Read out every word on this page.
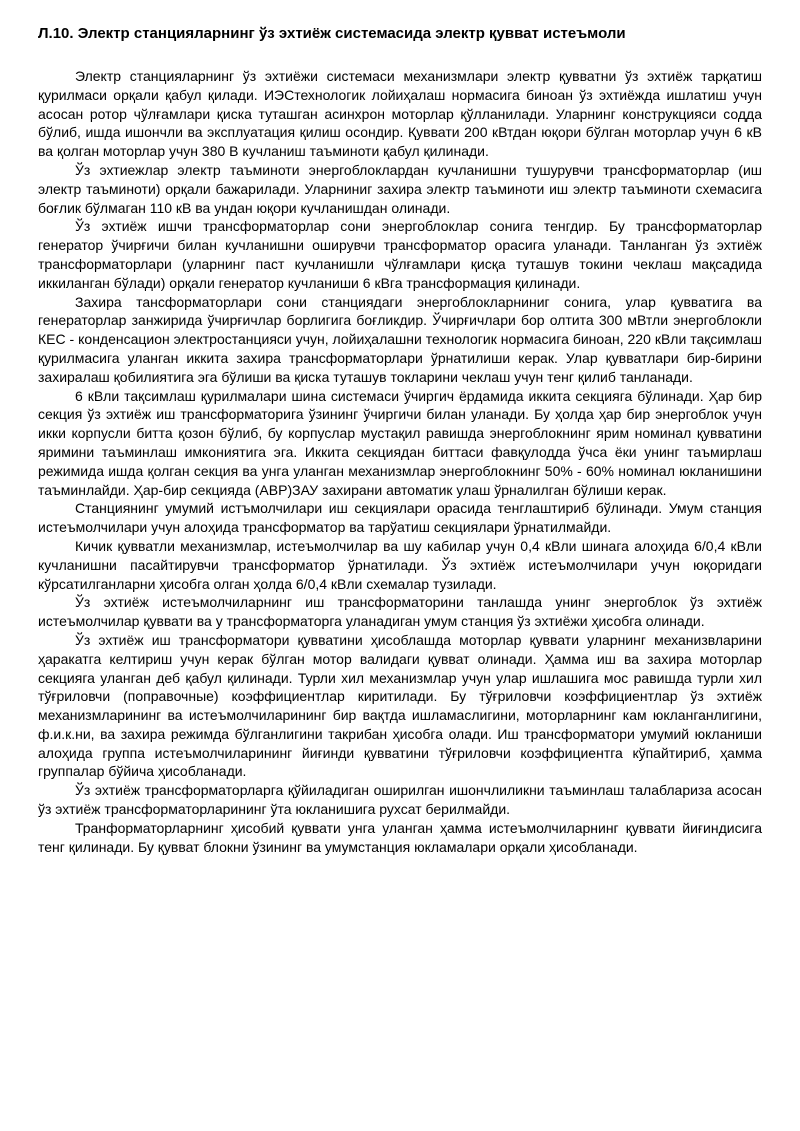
Л.10. Электр станцияларнинг ўз эхтиёж системасида электр қувват истеъмоли

Электр станцияларнинг ўз эхтиёжи системаси механизмлари электр қувватни ўз эхтиёж тарқатиш қурилмаси орқали қабул қилади. ИЭСтехнологик лойиҳалаш нормасига биноан ўз эхтиёжда ишлатиш учун асосан ротор чўлғамлари қиска туташган асинхрон моторлар қўлланилади. Уларнинг конструкцияси содда бўлиб, ишда ишончли ва эксплуатация қилиш осондир. Қуввати 200 кВтдан юқори бўлган моторлар учун 6 кВ ва қолган моторлар учун 380 В кучланиш таъминоти қабул қилинади.

Ўз эхтиежлар электр таъминоти энергоблоклардан кучланишни тушурувчи трансформаторлар (иш электр таъминоти) орқали бажарилади. Уларниниг захира электр таъминоти иш электр таъминоти схемасига боғлик бўлмаган 110 кВ ва ундан юқори кучланишдан олинади.

Ўз эхтиёж ишчи трансформаторлар сони энергоблоклар сонига тенгдир. Бу трансформаторлар генератор ўчирғичи билан кучланишни оширувчи трансформатор орасига уланади. Танланган ўз эхтиёж трансформаторлари (уларнинг паст кучланишли чўлғамлари қисқа туташув токини чеклаш мақсадида иккиланган бўлади) орқали генератор кучланиши 6 кВга трансформация қилинади.

Захира тансформаторлари сони станциядаги энергоблокларниниг сонига, улар қувватига ва генераторлар занжирида ўчирғичлар борлигига боғликдир. Ўчирғичлари бор олтита 300 мВтли энергоблокли КЕС - конденсацион электростанцияси учун, лойиҳалашни технологик нормасига биноан, 220 кВли тақсимлаш қурилмасига уланган иккита захира трансформаторлари ўрнатилиши керак. Улар қувватлари бир-бирини захиралаш қобилиятига эга бўлиши ва қиска туташув токларини чеклаш учун тенг қилиб танланади.

6 кВли тақсимлаш қурилмалари шина системаси ўчиргич ёрдамида иккита секцияга бўлинади. Ҳар бир секция ўз эхтиёж иш трансформаторига ўзининг ўчиргичи билан уланади. Бу ҳолда ҳар бир энергоблок учун икки корпусли битта қозон бўлиб, бу корпуслар мустақил равишда энергоблокнинг ярим номинал қувватини яримини таъминлаш имкониятига эга. Иккита секциядан биттаси фавқулодда ўчса ёки унинг таъмирлаш режимида ишда қолган секция ва унга уланган механизмлар энергоблокнинг 50% - 60% номинал юкланишини таъминлайди. Ҳар-бир секцияда (АВР)ЗАУ захирани автоматик улаш ўрналилган бўлиши керак.

Станциянинг умумий истъмолчилари иш секциялари орасида тенглаштириб бўлинади. Умум станция истеъмолчилари учун алоҳида трансформатор ва тарўатиш секциялари ўрнатилмайди.

Кичик қувватли механизмлар, истеъмолчилар ва шу кабилар учун 0,4 кВли шинага алоҳида 6/0,4 кВли кучланишни пасайтирувчи трансформатор ўрнатилади. Ўз эхтиёж истеъмолчилари учун юқоридаги кўрсатилганларни ҳисобга олган ҳолда 6/0,4 кВли схемалар тузилади.

Ўз эхтиёж истеъмолчиларнинг иш трансформаторини танлашда унинг энергоблок ўз эхтиёж истеъмолчилар қуввати ва у трансформаторга уланадиган умум станция ўз эхтиёжи ҳисобга олинади.

Ўз эхтиёж иш трансформатори қувватини ҳисоблашда моторлар қуввати уларнинг механизвларини ҳаракатга келтириш учун керак бўлган мотор валидаги қувват олинади. Ҳамма иш ва захира моторлар секцияга уланган деб қабул қилинади. Турли хил механизмлар учун улар ишлашига мос равишда турли хил тўғриловчи (поправочные) коэффициентлар киритилади. Бу тўғриловчи коэффициентлар ўз эхтиёж механизмларининг ва истеъмолчиларининг бир вақтда ишламаслигини, моторларнинг кам юкланганлигини, ф.и.к.ни, ва захира режимда бўлганлигини такрибан ҳисобга олади. Иш трансформатори умумий юкланиши алоҳида группа истеъмолчиларининг йиғинди қувватини тўғриловчи коэффициентга кўпайтириб, ҳамма группалар бўйича ҳисобланади.

Ўз эхтиёж трансформаторларга қўйиладиган оширилган ишончлиликни таъминлаш талаблариза асосан ўз эхтиёж трансформаторларининг ўта юкланишига рухсат берилмайди.

Транформаторларнинг ҳисобий қуввати унга уланган ҳамма истеъмолчиларнинг қуввати йиғиндисига тенг қилинади. Бу қувват блокни ўзининг ва умумстанция юкламалари орқали ҳисобланади.
